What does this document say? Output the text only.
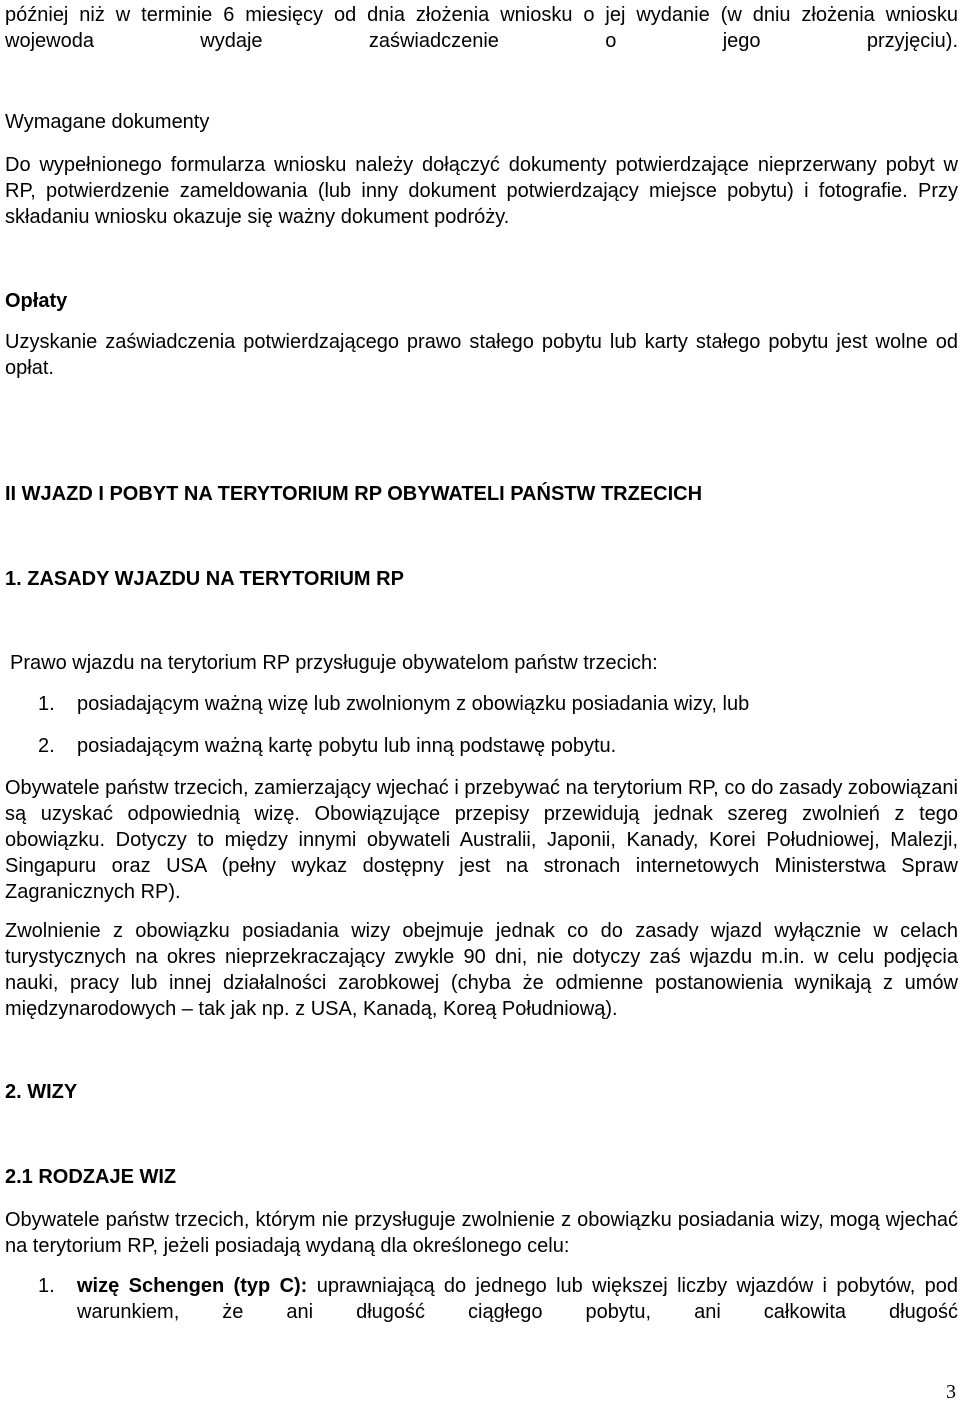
później niż w terminie 6 miesięcy od dnia złożenia wniosku o jej wydanie (w dniu złożenia wniosku wojewoda wydaje zaświadczenie o jego przyjęciu).

Wymagane dokumenty

Do wypełnionego formularza wniosku należy dołączyć dokumenty potwierdzające nieprzerwany pobyt w RP, potwierdzenie zameldowania (lub inny dokument potwierdzający miejsce pobytu) i fotografie. Przy składaniu wniosku okazuje się ważny dokument podróży.

Opłaty

Uzyskanie zaświadczenia potwierdzającego prawo stałego pobytu lub karty stałego pobytu jest wolne od opłat.

II WJAZD I POBYT NA TERYTORIUM RP OBYWATELI PAŃSTW TRZECICH

1. ZASADY WJAZDU NA TERYTORIUM RP

Prawo wjazdu na terytorium RP przysługuje obywatelom państw trzecich:

1. posiadającym ważną wizę lub zwolnionym z obowiązku posiadania wizy, lub
2. posiadającym ważną kartę pobytu lub inną podstawę pobytu.

Obywatele państw trzecich, zamierzający wjechać i przebywać na terytorium RP, co do zasady zobowiązani są uzyskać odpowiednią wizę. Obowiązujące przepisy przewidują jednak szereg zwolnień z tego obowiązku. Dotyczy to między innymi obywateli Australii, Japonii, Kanady, Korei Południowej, Malezji, Singapuru oraz USA (pełny wykaz dostępny jest na stronach internetowych Ministerstwa Spraw Zagranicznych RP).

Zwolnienie z obowiązku posiadania wizy obejmuje jednak co do zasady wjazd wyłącznie w celach turystycznych na okres nieprzekraczający zwykle 90 dni, nie dotyczy zaś wjazdu m.in. w celu podjęcia nauki, pracy lub innej działalności zarobkowej (chyba że odmienne postanowienia wynikają z umów międzynarodowych – tak jak np. z USA, Kanadą, Koreą Południową).

2. WIZY

2.1 RODZAJE WIZ

Obywatele państw trzecich, którym nie przysługuje zwolnienie z obowiązku posiadania wizy, mogą wjechać na terytorium RP, jeżeli posiadają wydaną dla określonego celu:

1. wizę Schengen (typ C): uprawniającą do jednego lub większej liczby wjazdów i pobytów, pod warunkiem, że ani długość ciągłego pobytu, ani całkowita długość
3
